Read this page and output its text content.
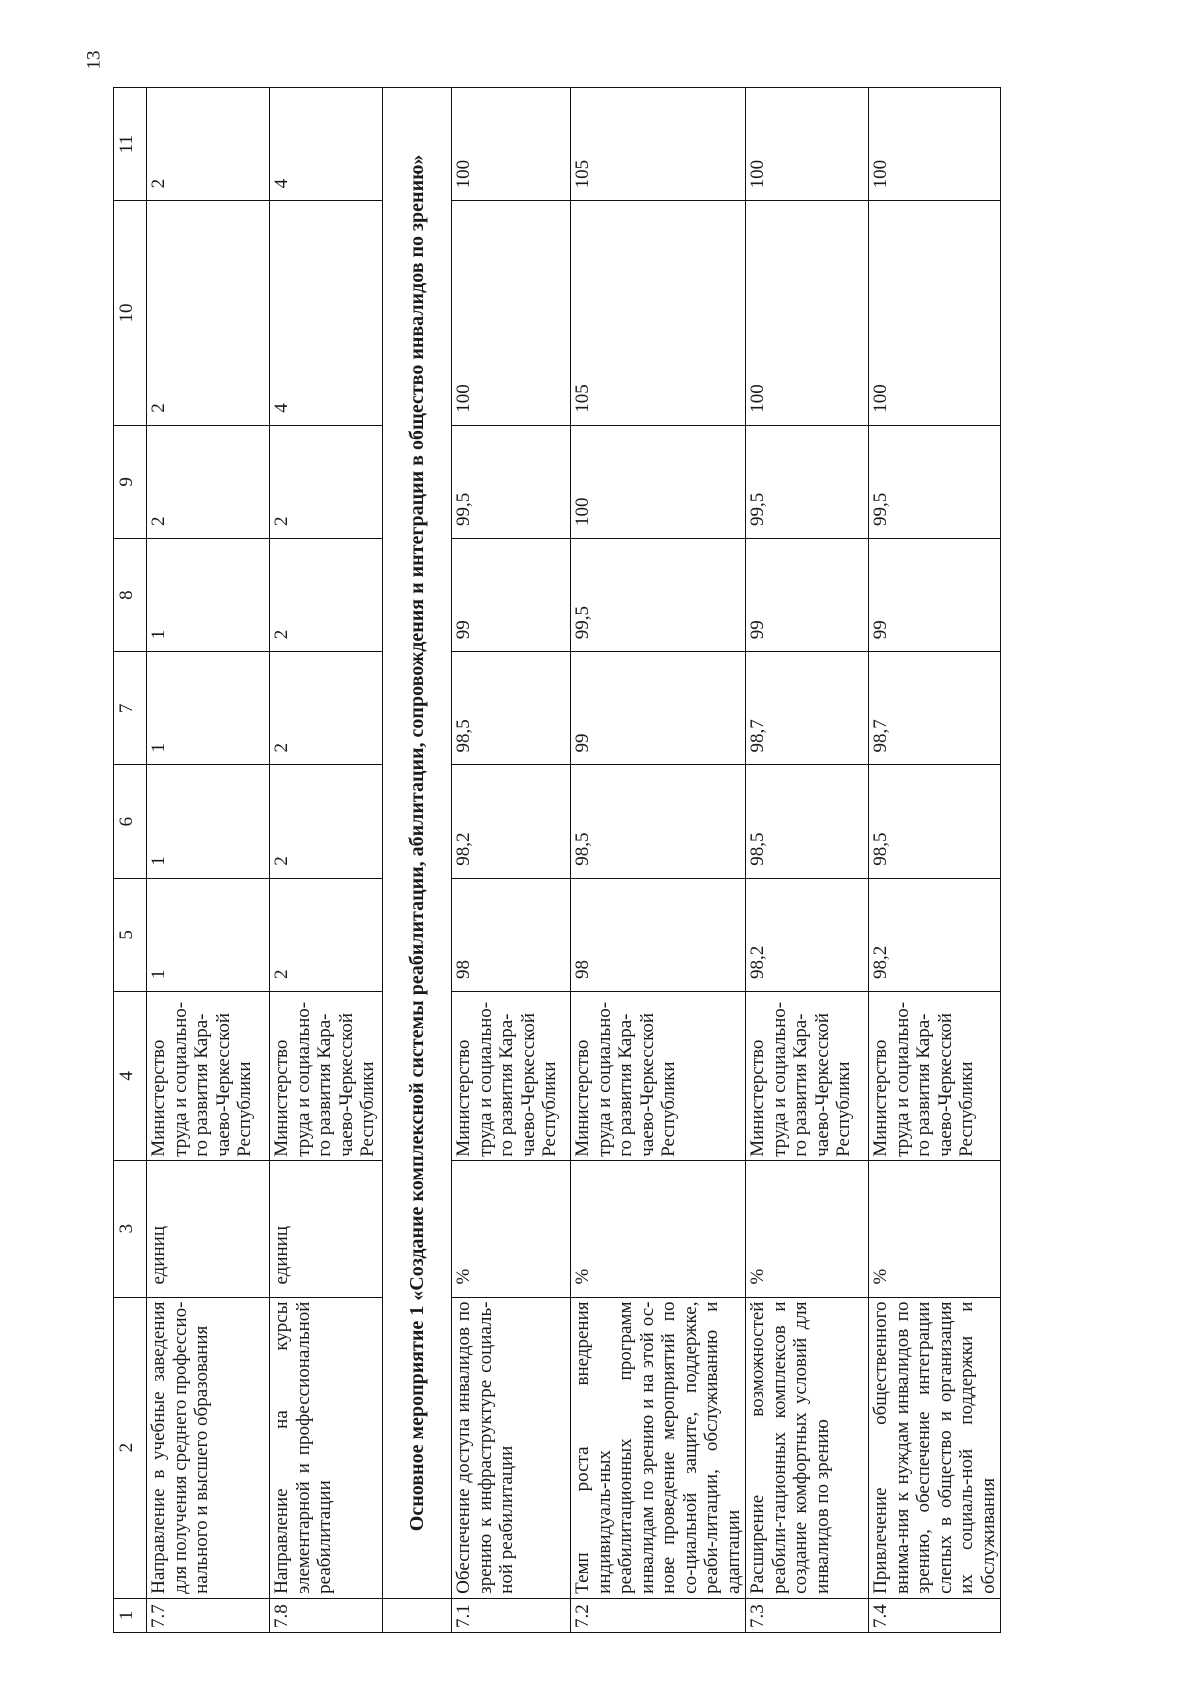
13
1	2	3	4	5	6	7	8	9	10	11
7.7	Направление в учебные заведения для получения среднего профессио-нального и высшего образования	единиц	Министерство труда и социально-го развития Кара-чаево-Черкесской Республики	1	1	1	1	2	2	2
7.8	Направление на курсы элементарной и профессиональной реабилитации	единиц	Министерство труда и социально-го развития Кара-чаево-Черкесской Республики	2	2	2	2	2	4	4
	Основное мероприятие 1 «Создание комплексной системы реабилитации, абилитации, сопровождения и интеграции в общество инвалидов по зрению»									
7.1	Обеспечение доступа инвалидов по зрению к инфраструктуре социаль-ной реабилитации	%	Министерство труда и социально-го развития Кара-чаево-Черкесской Республики	98	98,2	98,5	99	99,5	100	100
7.2	Темп роста внедрения индивидуаль-ных реабилитационных программ инвалидам по зрению и на этой ос-нове проведение мероприятий по со-циальной защите, поддержке, реаби-литации, обслуживанию и адаптации	%	Министерство труда и социально-го развития Кара-чаево-Черкесской Республики	98	98,5	99	99,5	100	105	105
7.3	Расширение возможностей реабили-тационных комплексов и создание комфортных условий для инвалидов по зрению	%	Министерство труда и социально-го развития Кара-чаево-Черкесской Республики	98,2	98,5	98,7	99	99,5	100	100
7.4	Привлечение общественного внима-ния к нуждам инвалидов по зрению, обеспечение интеграции слепых в общество и организация их социаль-ной поддержки и обслуживания	%	Министерство труда и социально-го развития Кара-чаево-Черкесской Республики	98,2	98,5	98,7	99	99,5	100	100
